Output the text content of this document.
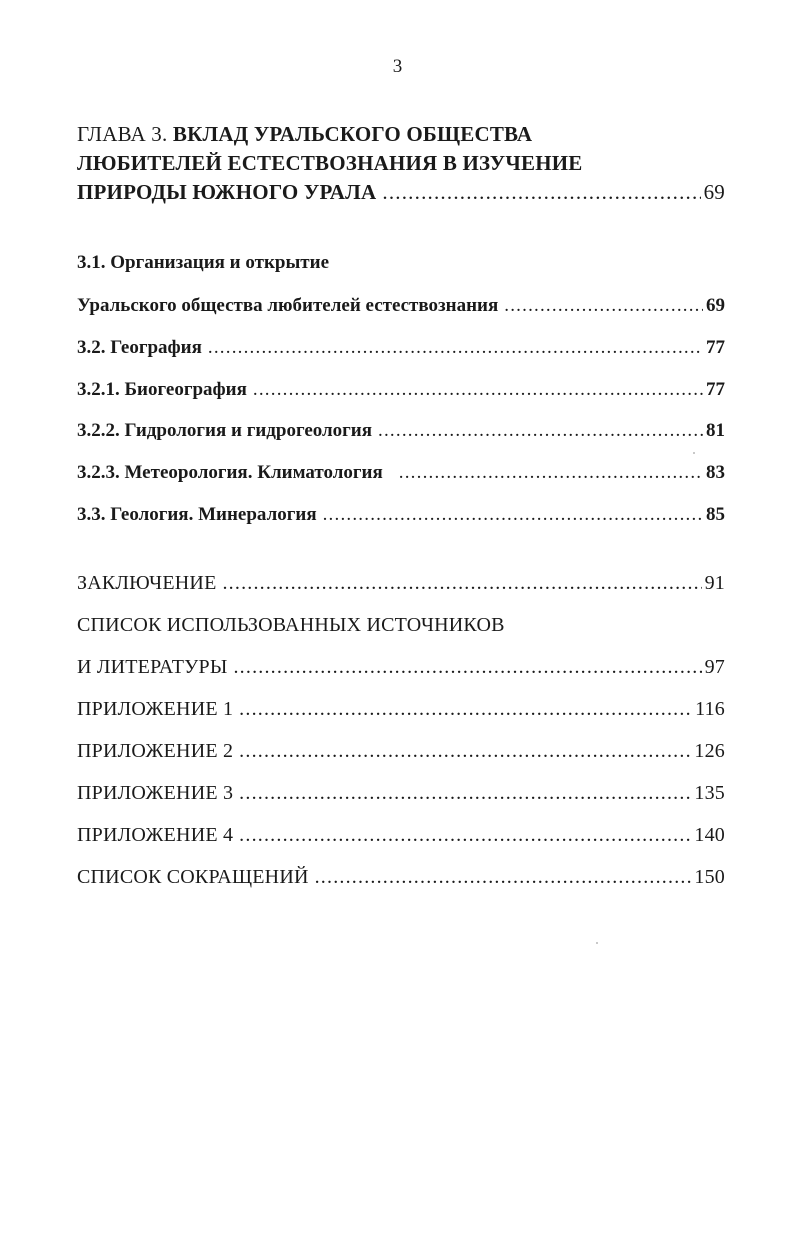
3
ГЛАВА 3. ВКЛАД УРАЛЬСКОГО ОБЩЕСТВА
ЛЮБИТЕЛЕЙ ЕСТЕСТВОЗНАНИЯ В ИЗУЧЕНИЕ
ПРИРОДЫ ЮЖНОГО УРАЛА .....	69
3.1. Организация и открытие
Уральского общества любителей естествознания .....	69
3.2. География .....	77
3.2.1. Биогеография .....	77
3.2.2. Гидрология и гидрогеология .....	81
3.2.3. Метеорология. Климатология .....	83
3.3. Геология. Минералогия .....	85
ЗАКЛЮЧЕНИЕ .....	91
СПИСОК ИСПОЛЬЗОВАННЫХ ИСТОЧНИКОВ
И ЛИТЕРАТУРЫ .....	97
ПРИЛОЖЕНИЕ 1 .....	116
ПРИЛОЖЕНИЕ 2 .....	126
ПРИЛОЖЕНИЕ 3 .....	135
ПРИЛОЖЕНИЕ 4 .....	140
СПИСОК СОКРАЩЕНИЙ .....	150
